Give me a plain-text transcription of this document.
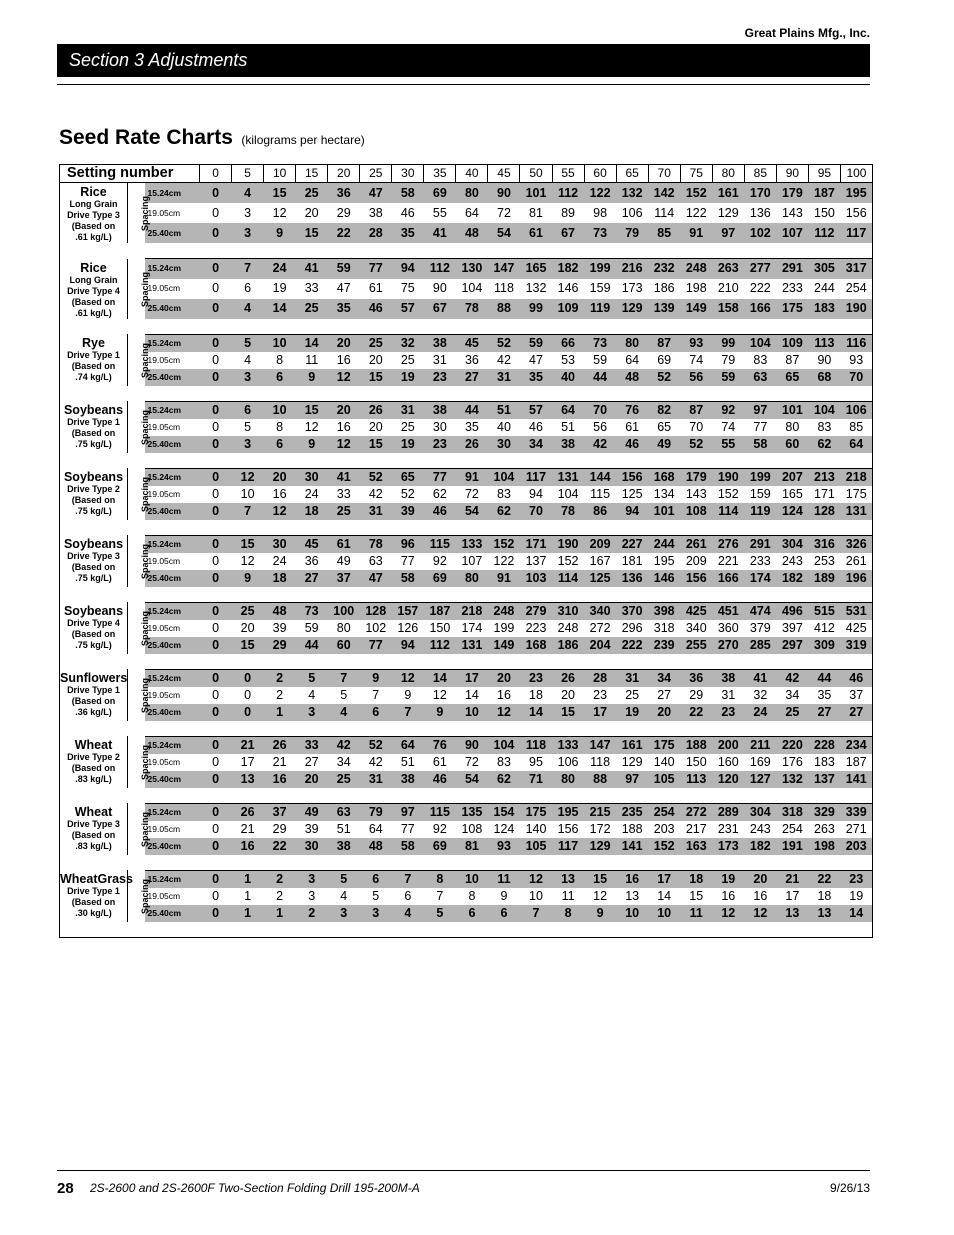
Great Plains Mfg., Inc.
Section 3 Adjustments
Seed Rate Charts (kilograms per hectare)
Setting number			0	5	10	15	20	25	30	35	40	45	50	55	60	65	70	75	80	85	90	95	100

Rice
Long Grain
Drive Type 3
(Based on
.61 kg/L)	Spacing	15.24cm	0	4	15	25	36	47	58	69	80	90	101	112	122	132	142	152	161	170	179	187	195
		19.05cm	0	3	12	20	29	38	46	55	64	72	81	89	98	106	114	122	129	136	143	150	156
		25.40cm	0	3	9	15	22	28	35	41	48	54	61	67	73	79	85	91	97	102	107	112	117

Rice
Long Grain
Drive Type 4
(Based on
.61 kg/L)	Spacing	15.24cm	0	7	24	41	59	77	94	112	130	147	165	182	199	216	232	248	263	277	291	305	317
		19.05cm	0	6	19	33	47	61	75	90	104	118	132	146	159	173	186	198	210	222	233	244	254
		25.40cm	0	4	14	25	35	46	57	67	78	88	99	109	119	129	139	149	158	166	175	183	190

Rye
Drive Type 1
(Based on
.74 kg/L)	Spacing	15.24cm	0	5	10	14	20	25	32	38	45	52	59	66	73	80	87	93	99	104	109	113	116
		19.05cm	0	4	8	11	16	20	25	31	36	42	47	53	59	64	69	74	79	83	87	90	93
		25.40cm	0	3	6	9	12	15	19	23	27	31	35	40	44	48	52	56	59	63	65	68	70

Soybeans
Drive Type 1
(Based on
.75 kg/L)	Spacing	15.24cm	0	6	10	15	20	26	31	38	44	51	57	64	70	76	82	87	92	97	101	104	106
		19.05cm	0	5	8	12	16	20	25	30	35	40	46	51	56	61	65	70	74	77	80	83	85
		25.40cm	0	3	6	9	12	15	19	23	26	30	34	38	42	46	49	52	55	58	60	62	64

Soybeans
Drive Type 2
(Based on
.75 kg/L)	Spacing	15.24cm	0	12	20	30	41	52	65	77	91	104	117	131	144	156	168	179	190	199	207	213	218
		19.05cm	0	10	16	24	33	42	52	62	72	83	94	104	115	125	134	143	152	159	165	171	175
		25.40cm	0	7	12	18	25	31	39	46	54	62	70	78	86	94	101	108	114	119	124	128	131

Soybeans
Drive Type 3
(Based on
.75 kg/L)	Spacing	15.24cm	0	15	30	45	61	78	96	115	133	152	171	190	209	227	244	261	276	291	304	316	326
		19.05cm	0	12	24	36	49	63	77	92	107	122	137	152	167	181	195	209	221	233	243	253	261
		25.40cm	0	9	18	27	37	47	58	69	80	91	103	114	125	136	146	156	166	174	182	189	196

Soybeans
Drive Type 4
(Based on
.75 kg/L)	Spacing	15.24cm	0	25	48	73	100	128	157	187	218	248	279	310	340	370	398	425	451	474	496	515	531
		19.05cm	0	20	39	59	80	102	126	150	174	199	223	248	272	296	318	340	360	379	397	412	425
		25.40cm	0	15	29	44	60	77	94	112	131	149	168	186	204	222	239	255	270	285	297	309	319

Sunflowers
Drive Type 1
(Based on
.36 kg/L)	Spacing	15.24cm	0	0	2	5	7	9	12	14	17	20	23	26	28	31	34	36	38	41	42	44	46
		19.05cm	0	0	2	4	5	7	9	12	14	16	18	20	23	25	27	29	31	32	34	35	37
		25.40cm	0	0	1	3	4	6	7	9	10	12	14	15	17	19	20	22	23	24	25	27	27

Wheat
Drive Type 2
(Based on
.83 kg/L)	Spacing	15.24cm	0	21	26	33	42	52	64	76	90	104	118	133	147	161	175	188	200	211	220	228	234
		19.05cm	0	17	21	27	34	42	51	61	72	83	95	106	118	129	140	150	160	169	176	183	187
		25.40cm	0	13	16	20	25	31	38	46	54	62	71	80	88	97	105	113	120	127	132	137	141

Wheat
Drive Type 3
(Based on
.83 kg/L)	Spacing	15.24cm	0	26	37	49	63	79	97	115	135	154	175	195	215	235	254	272	289	304	318	329	339
		19.05cm	0	21	29	39	51	64	77	92	108	124	140	156	172	188	203	217	231	243	254	263	271
		25.40cm	0	16	22	30	38	48	58	69	81	93	105	117	129	141	152	163	173	182	191	198	203

WheatGrass
Drive Type 1
(Based on
.30 kg/L)	Spacing	15.24cm	0	1	2	3	5	6	7	8	10	11	12	13	15	16	17	18	19	20	21	22	23
		19.05cm	0	1	2	3	4	5	6	7	8	9	10	11	12	13	14	15	16	16	17	18	19
		25.40cm	0	1	1	2	3	3	4	5	6	6	7	8	9	10	10	11	12	12	13	13	14

28 2S-2600 and 2S-2600F Two-Section Folding Drill 195-200M-A	9/26/13
